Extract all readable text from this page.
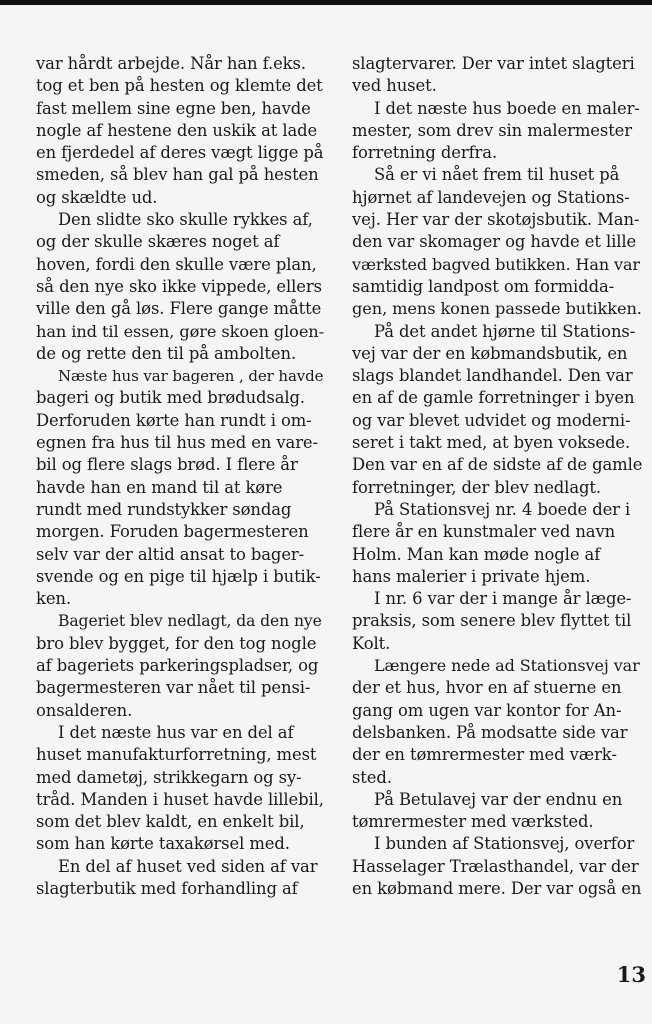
var hårdt arbejde. Når han f.eks.
tog et ben på hesten og klemte det
fast mellem sine egne ben, havde
nogle af hestene den uskik at lade
en fjerdedel af deres vægt ligge på
smeden, så blev han gal på hesten
og skældte ud.
Den slidte sko skulle rykkes af,
og der skulle skæres noget af
hoven, fordi den skulle være plan,
så den nye sko ikke vippede, ellers
ville den gå løs. Flere gange måtte
han ind til essen, gøre skoen gloen-
de og rette den til på ambolten.
Næste hus var bageren , der havde
bageri og butik med brødudsalg.
Derforuden kørte han rundt i om-
egnen fra hus til hus med en vare-
bil og flere slags brød. I flere år
havde han en mand til at køre
rundt med rundstykker søndag
morgen. Foruden bagermesteren
selv var der altid ansat to bager-
svende og en pige til hjælp i butik-
ken.
Bageriet blev nedlagt, da den nye
bro blev bygget, for den tog nogle
af bageriets parkeringspladser, og
bagermesteren var nået til pensi-
onsalderen.
I det næste hus var en del af
huset manufakturforretning, mest
med dametøj, strikkegarn og sy-
tråd. Manden i huset havde lillebil,
som det blev kaldt, en enkelt bil,
som han kørte taxakørsel med.
En del af huset ved siden af var
slagterbutik med forhandling af
slagtervarer. Der var intet slagteri
ved huset.
I det næste hus boede en maler-
mester, som drev sin malermester
forretning derfra.
Så er vi nået frem til huset på
hjørnet af landevejen og Stations-
vej. Her var der skotøjsbutik. Man-
den var skomager og havde et lille
værksted bagved butikken. Han var
samtidig landpost om formidda-
gen, mens konen passede butikken.
På det andet hjørne til Stations-
vej var der en købmandsbutik, en
slags blandet landhandel. Den var
en af de gamle forretninger i byen
og var blevet udvidet og moderni-
seret i takt med, at byen voksede.
Den var en af de sidste af de gamle
forretninger, der blev nedlagt.
På Stationsvej nr. 4 boede der i
flere år en kunstmaler ved navn
Holm. Man kan møde nogle af
hans malerier i private hjem.
I nr. 6 var der i mange år læge-
praksis, som senere blev flyttet til
Kolt.
Længere nede ad Stationsvej var
der et hus, hvor en af stuerne en
gang om ugen var kontor for An-
delsbanken. På modsatte side var
der en tømrermester med værk-
sted.
På Betulavej var der endnu en
tømrermester med værksted.
I bunden af Stationsvej, overfor
Hasselager Trælasthandel, var der
en købmand mere. Der var også en
13
